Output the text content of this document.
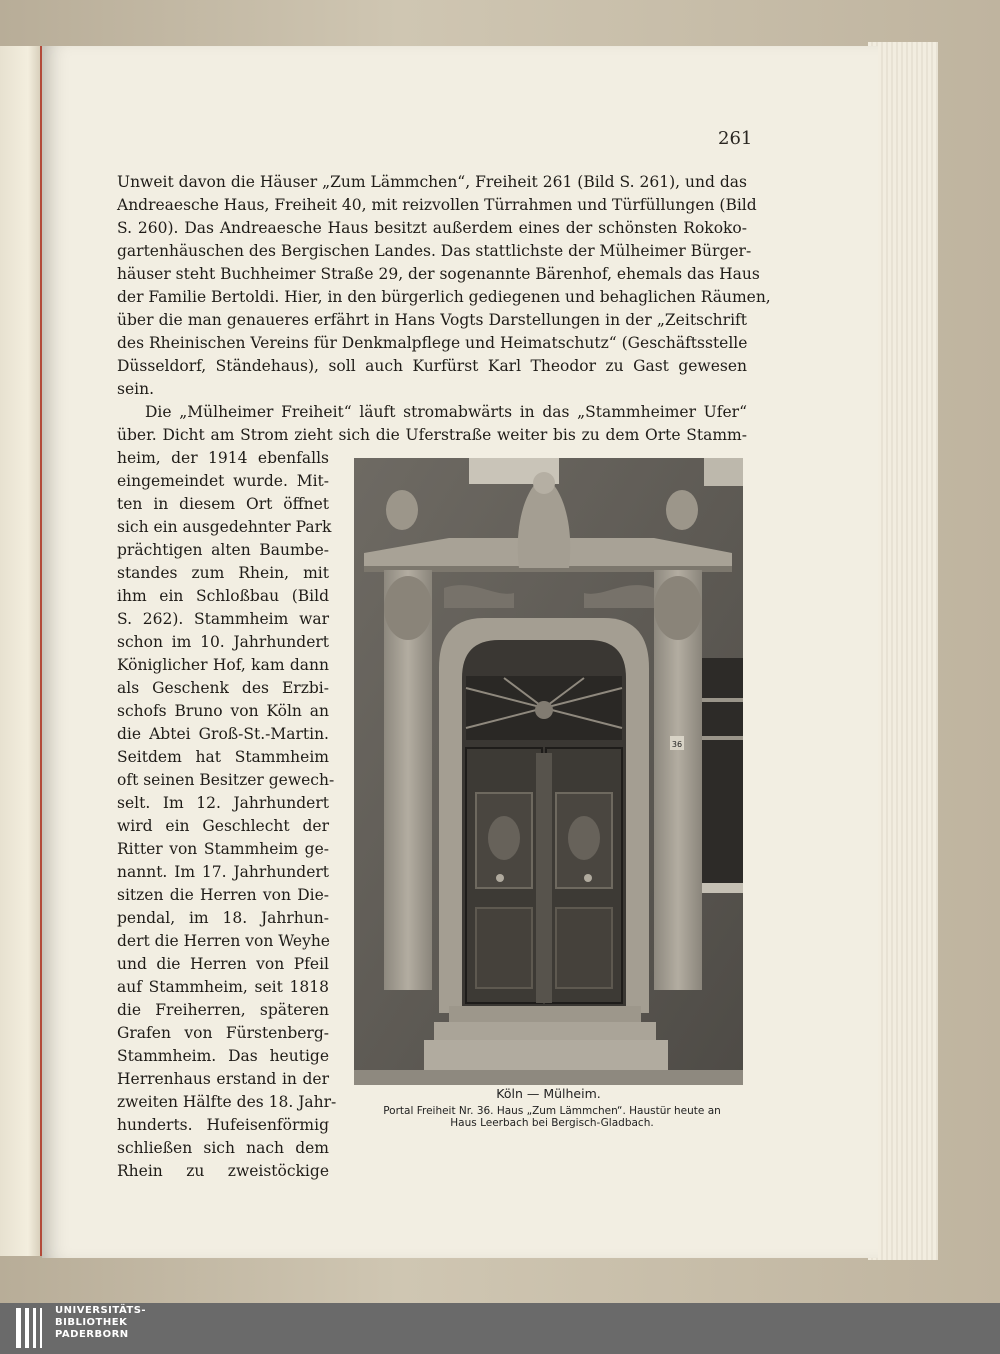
261
Unweit davon die Häuser „Zum Lämmchen“, Freiheit 261 (Bild S. 261), und das
Andreaesche Haus, Freiheit 40, mit reizvollen Türrahmen und Türfüllungen (Bild
S. 260). Das Andreaesche Haus besitzt außerdem eines der schönsten Rokoko-
gartenhäuschen des Bergischen Landes. Das stattlichste der Mülheimer Bürger-
häuser steht Buchheimer Straße 29, der sogenannte Bärenhof, ehemals das Haus
der Familie Bertoldi. Hier, in den bürgerlich gediegenen und behaglichen Räumen,
über die man genaueres erfährt in Hans Vogts Darstellungen in der „Zeitschrift
des Rheinischen Vereins für Denkmalpflege und Heimatschutz“ (Geschäftsstelle
Düsseldorf, Ständehaus), soll auch Kurfürst Karl Theodor zu Gast gewesen
sein.
Die „Mülheimer Freiheit“ läuft stromabwärts in das „Stammheimer Ufer“
über. Dicht am Strom zieht sich die Uferstraße weiter bis zu dem Orte Stamm-
heim, der 1914 ebenfalls
eingemeindet wurde. Mit-
ten in diesem Ort öffnet
sich ein ausgedehnter Park
prächtigen alten Baumbe-
standes zum Rhein, mit
ihm ein Schloßbau (Bild
S. 262). Stammheim war
schon im 10. Jahrhundert
Königlicher Hof, kam dann
als Geschenk des Erzbi-
schofs Bruno von Köln an
die Abtei Groß-St.-Martin.
Seitdem hat Stammheim
oft seinen Besitzer gewech-
selt. Im 12. Jahrhundert
wird ein Geschlecht der
Ritter von Stammheim ge-
nannt. Im 17. Jahrhundert
sitzen die Herren von Die-
pendal, im 18. Jahrhun-
dert die Herren von Weyhe
und die Herren von Pfeil
auf Stammheim, seit 1818
die Freiherren, späteren
Grafen von Fürstenberg-
Stammheim. Das heutige
Herrenhaus erstand in der
zweiten Hälfte des 18. Jahr-
hunderts. Hufeisenförmig
schließen sich nach dem
Rhein zu zweistöckige
36
Köln — Mülheim.
Portal Freiheit Nr. 36. Haus „Zum Lämmchen“. Haustür heute an
Haus Leerbach bei Bergisch-Gladbach.
UNIVERSITÄTS-
BIBLIOTHEK
PADERBORN
